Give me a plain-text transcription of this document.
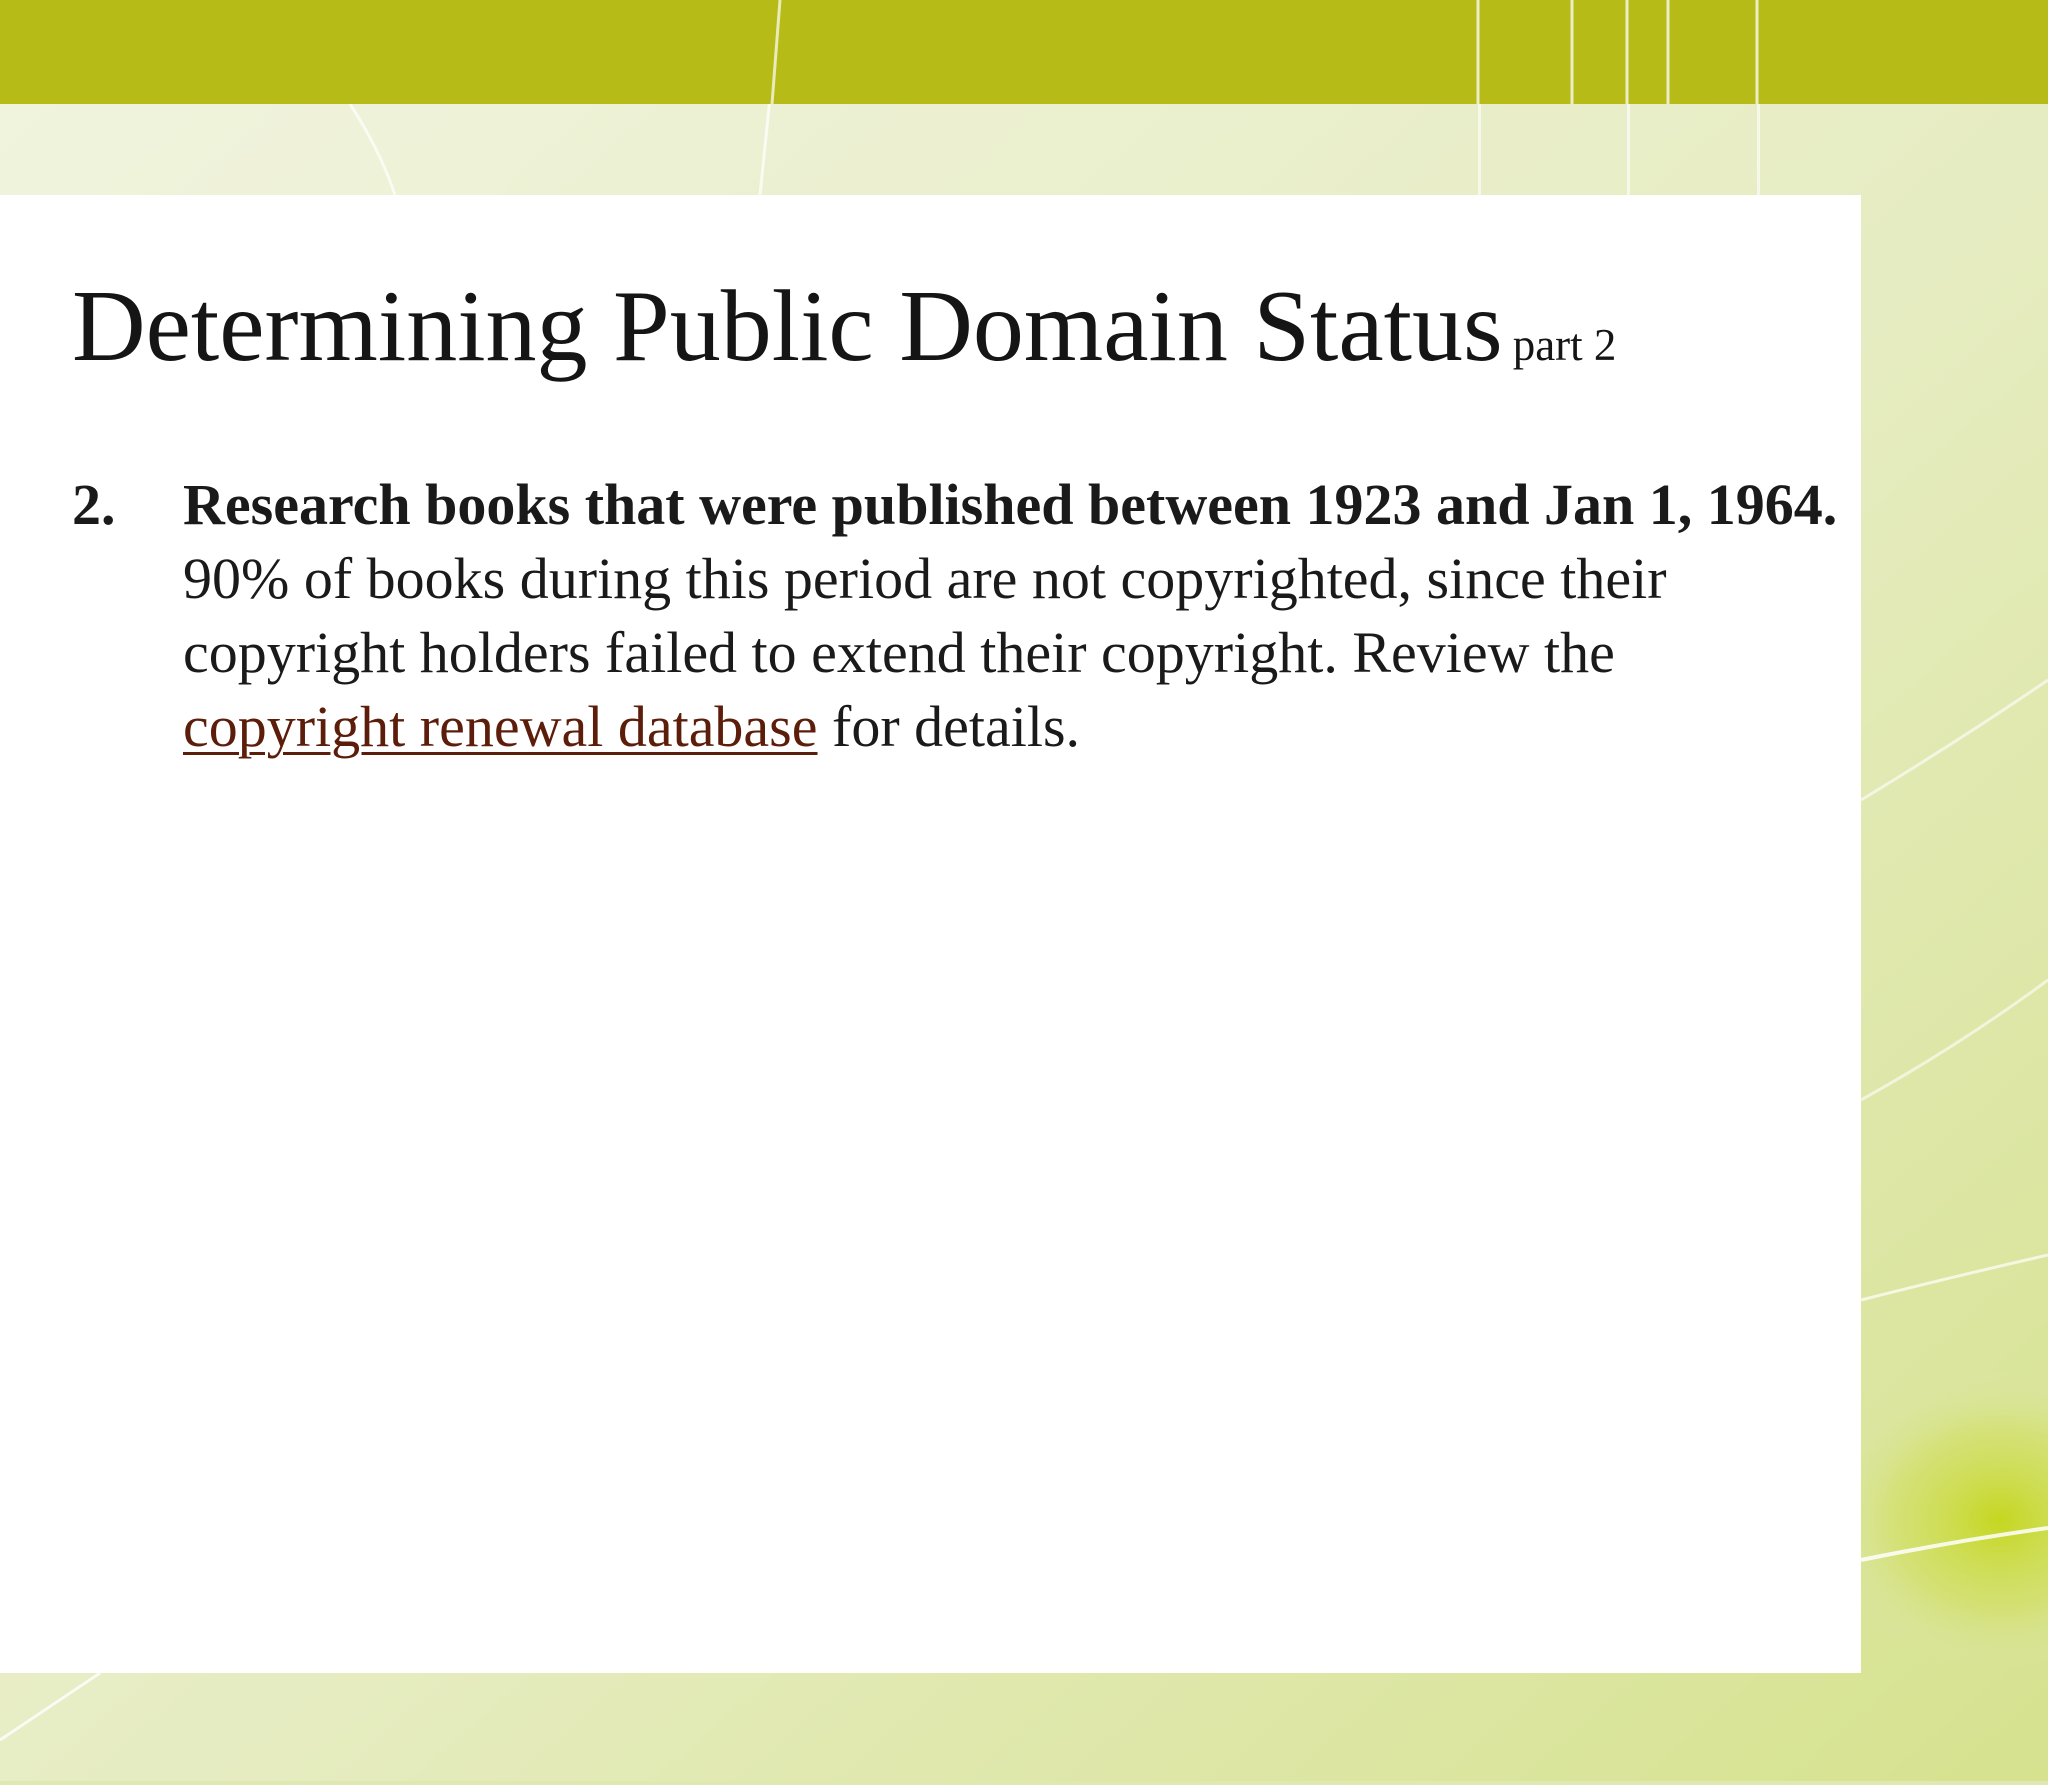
Determining Public Domain Status part 2
2. Research books that were published between 1923 and Jan 1, 1964. 90% of books during this period are not copyrighted, since their copyright holders failed to extend their copyright. Review the copyright renewal database for details.
